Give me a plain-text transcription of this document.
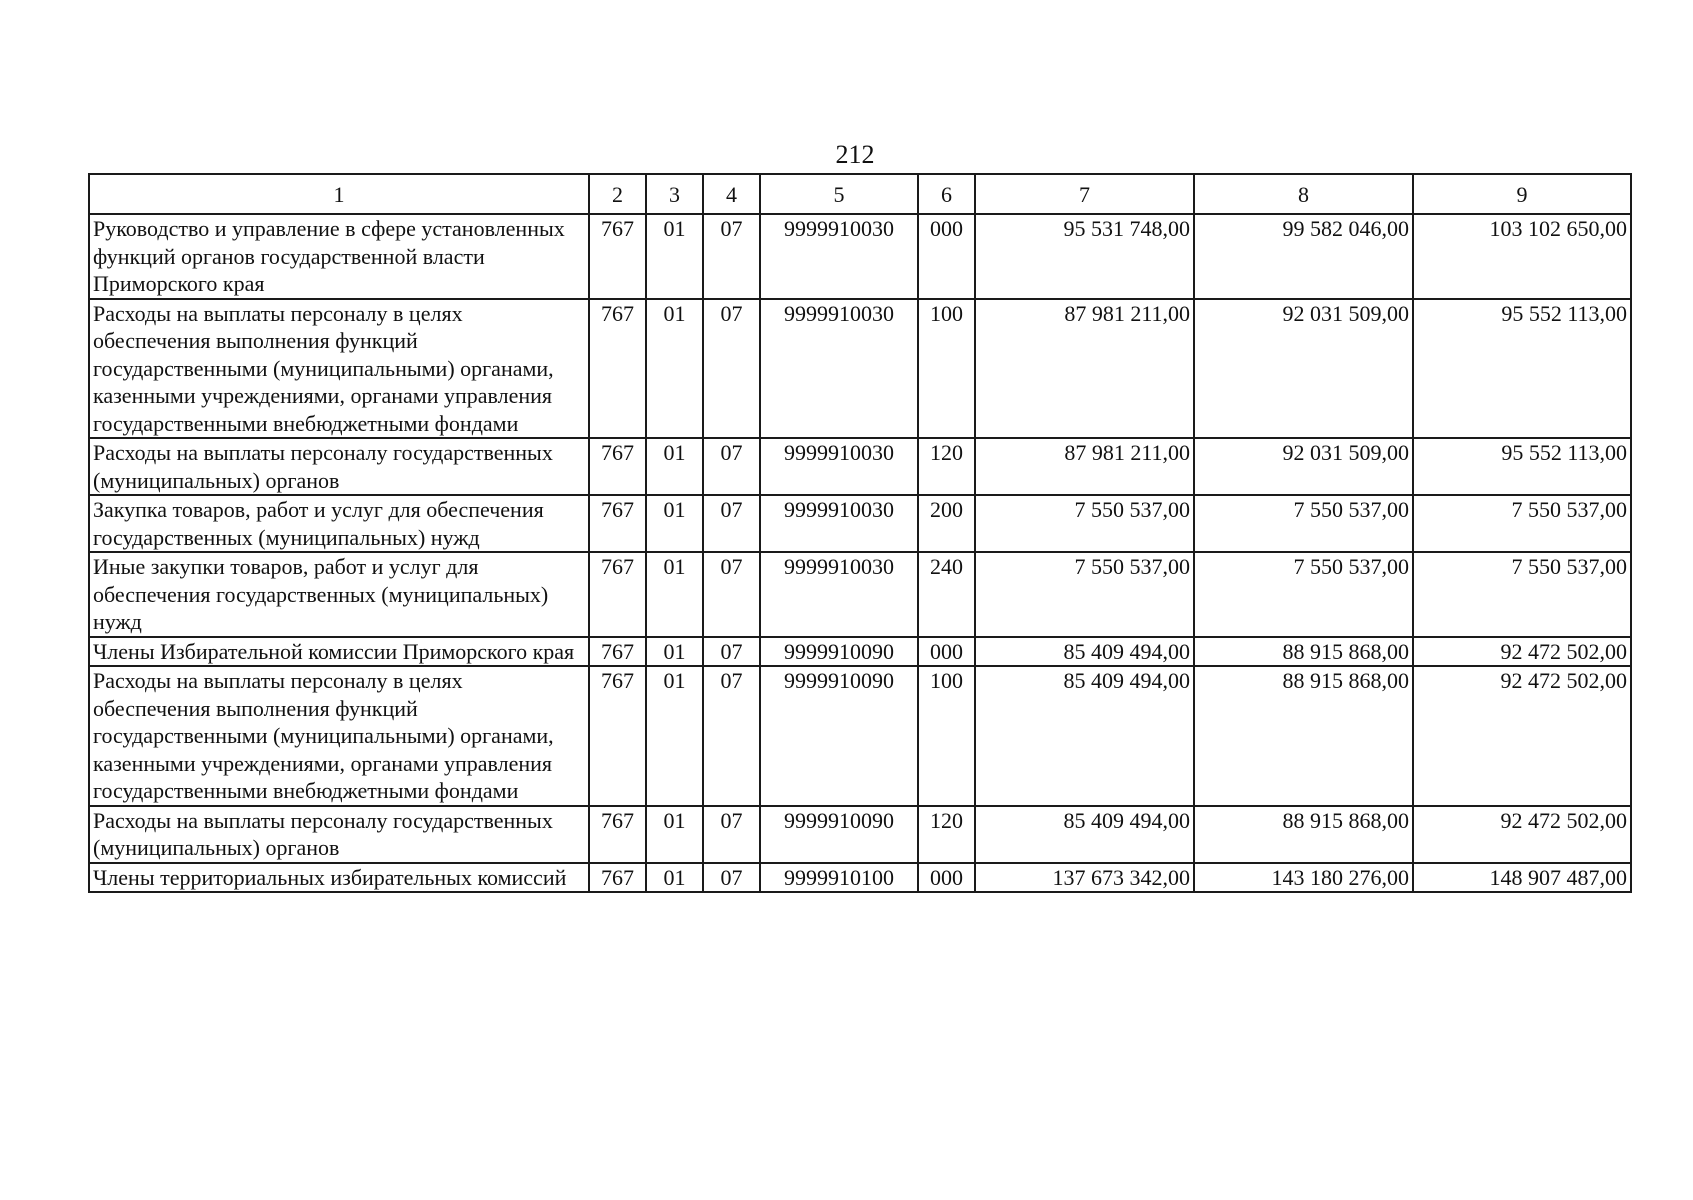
212
1	2	3	4	5	6	7	8	9
Руководство и управление в сфере установленных функций органов государственной власти Приморского края	767	01	07	9999910030	000	95 531 748,00	99 582 046,00	103 102 650,00
Расходы на выплаты персоналу в целях обеспечения выполнения функций государственными (муниципальными) органами, казенными учреждениями, органами управления государственными внебюджетными фондами	767	01	07	9999910030	100	87 981 211,00	92 031 509,00	95 552 113,00
Расходы на выплаты персоналу государственных (муниципальных) органов	767	01	07	9999910030	120	87 981 211,00	92 031 509,00	95 552 113,00
Закупка товаров, работ и услуг для обеспечения государственных (муниципальных) нужд	767	01	07	9999910030	200	7 550 537,00	7 550 537,00	7 550 537,00
Иные закупки товаров, работ и услуг для обеспечения государственных (муниципальных) нужд	767	01	07	9999910030	240	7 550 537,00	7 550 537,00	7 550 537,00
Члены Избирательной комиссии Приморского края	767	01	07	9999910090	000	85 409 494,00	88 915 868,00	92 472 502,00
Расходы на выплаты персоналу в целях обеспечения выполнения функций государственными (муниципальными) органами, казенными учреждениями, органами управления государственными внебюджетными фондами	767	01	07	9999910090	100	85 409 494,00	88 915 868,00	92 472 502,00
Расходы на выплаты персоналу государственных (муниципальных) органов	767	01	07	9999910090	120	85 409 494,00	88 915 868,00	92 472 502,00
Члены территориальных избирательных комиссий	767	01	07	9999910100	000	137 673 342,00	143 180 276,00	148 907 487,00
